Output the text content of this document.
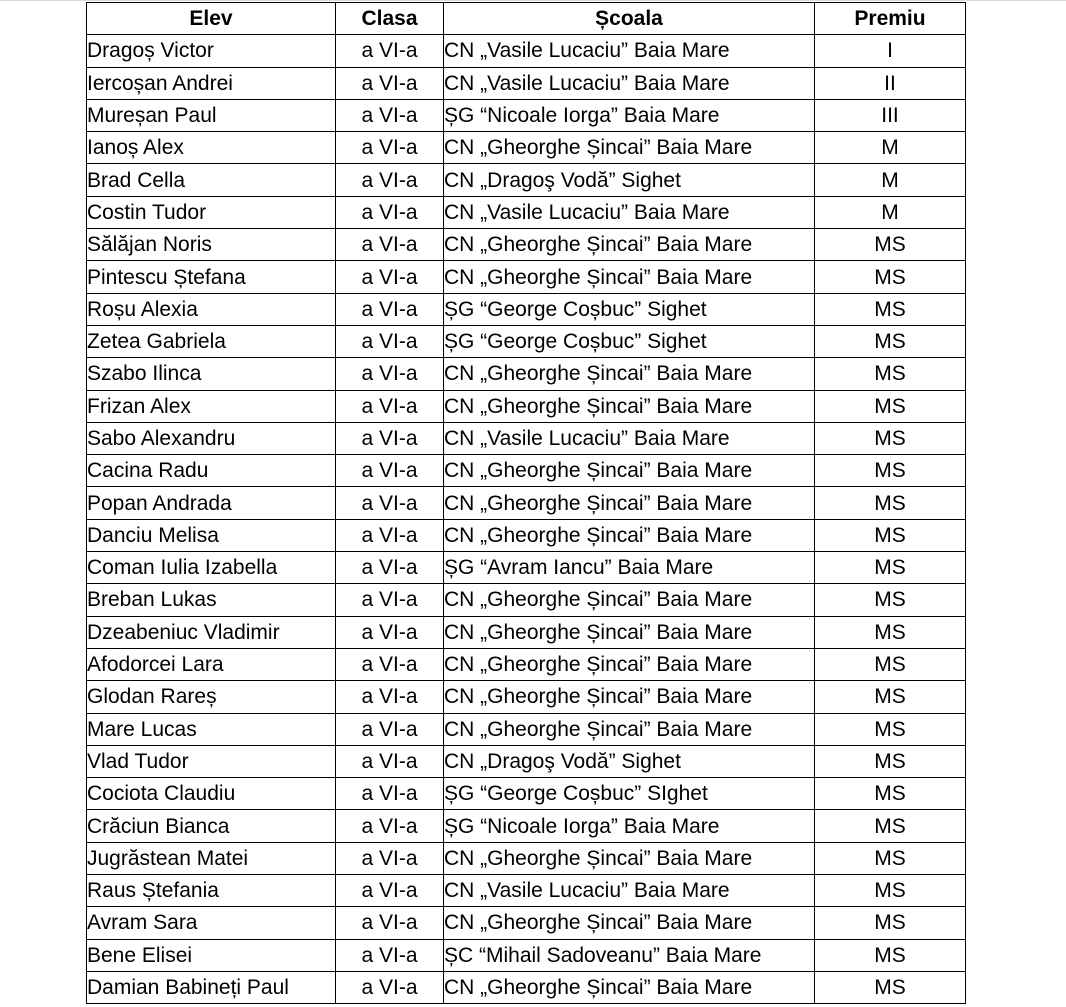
Elev	Clasa	Școala	Premiu
Dragoș Victor	a VI-a	CN „Vasile Lucaciu” Baia Mare	I
Iercoșan Andrei	a VI-a	CN „Vasile Lucaciu” Baia Mare	II
Mureșan Paul	a VI-a	ȘG “Nicoale Iorga” Baia Mare	III
Ianoș Alex	a VI-a	CN „Gheorghe Șincai” Baia Mare	M
Brad Cella	a VI-a	CN „Dragoş Vodă” Sighet	M
Costin Tudor	a VI-a	CN „Vasile Lucaciu” Baia Mare	M
Sălăjan Noris	a VI-a	CN „Gheorghe Șincai” Baia Mare	MS
Pintescu Ștefana	a VI-a	CN „Gheorghe Șincai” Baia Mare	MS
Roșu Alexia	a VI-a	ȘG “George Coșbuc” Sighet	MS
Zetea Gabriela	a VI-a	ȘG “George Coșbuc” Sighet	MS
Szabo Ilinca	a VI-a	CN „Gheorghe Șincai” Baia Mare	MS
Frizan Alex	a VI-a	CN „Gheorghe Șincai” Baia Mare	MS
Sabo Alexandru	a VI-a	CN „Vasile Lucaciu” Baia Mare	MS
Cacina Radu	a VI-a	CN „Gheorghe Șincai” Baia Mare	MS
Popan Andrada	a VI-a	CN „Gheorghe Șincai” Baia Mare	MS
Danciu Melisa	a VI-a	CN „Gheorghe Șincai” Baia Mare	MS
Coman Iulia Izabella	a VI-a	ȘG “Avram Iancu” Baia Mare	MS
Breban Lukas	a VI-a	CN „Gheorghe Șincai” Baia Mare	MS
Dzeabeniuc Vladimir	a VI-a	CN „Gheorghe Șincai” Baia Mare	MS
Afodorcei Lara	a VI-a	CN „Gheorghe Șincai” Baia Mare	MS
Glodan Rareș	a VI-a	CN „Gheorghe Șincai” Baia Mare	MS
Mare Lucas	a VI-a	CN „Gheorghe Șincai” Baia Mare	MS
Vlad Tudor	a VI-a	CN „Dragoş Vodă” Sighet	MS
Cociota Claudiu	a VI-a	ȘG “George Coșbuc” SIghet	MS
Crăciun Bianca	a VI-a	ȘG “Nicoale Iorga” Baia Mare	MS
Jugrăstean Matei	a VI-a	CN „Gheorghe Șincai” Baia Mare	MS
Raus Ștefania	a VI-a	CN „Vasile Lucaciu” Baia Mare	MS
Avram Sara	a VI-a	CN „Gheorghe Șincai” Baia Mare	MS
Bene Elisei	a VI-a	ȘC “Mihail Sadoveanu” Baia Mare	MS
Damian Babineți Paul	a VI-a	CN „Gheorghe Șincai” Baia Mare	MS
